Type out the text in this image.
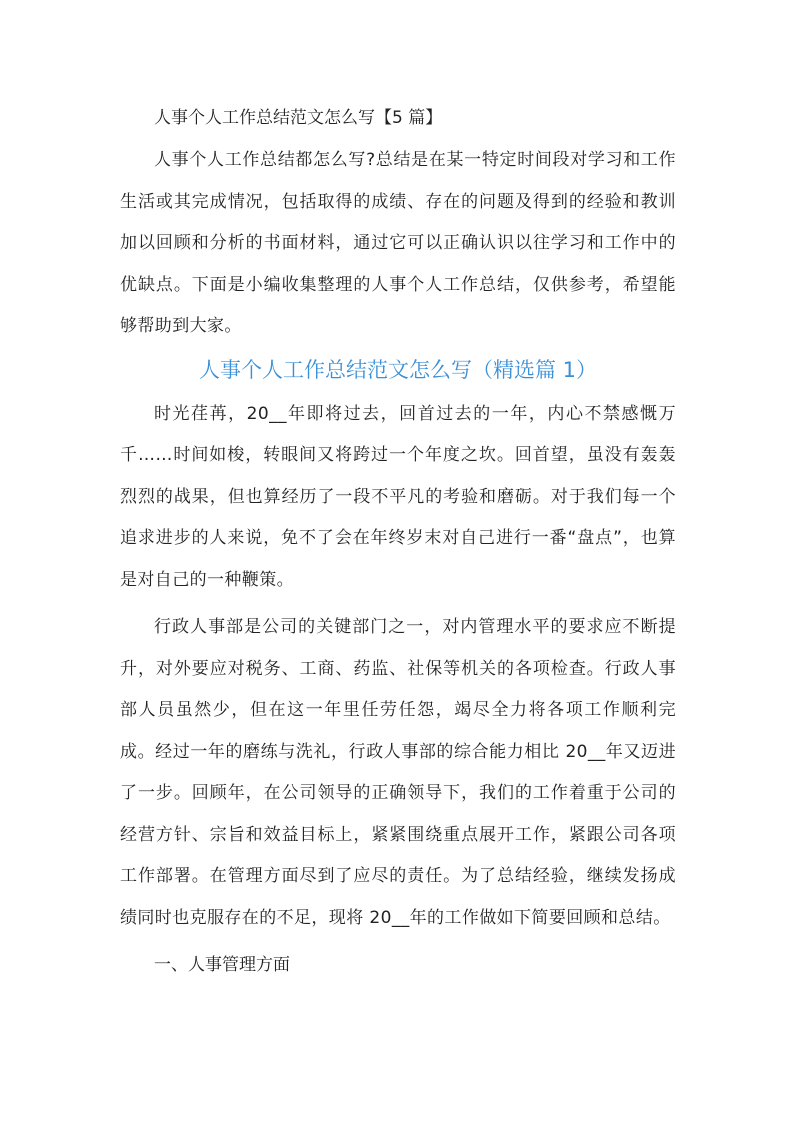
人事个人工作总结范文怎么写【5 篇】

人事个人工作总结都怎么写?总结是在某一特定时间段对学习和工作生活或其完成情况，包括取得的成绩、存在的问题及得到的经验和教训加以回顾和分析的书面材料，通过它可以正确认识以往学习和工作中的优缺点。下面是小编收集整理的人事个人工作总结，仅供参考，希望能够帮助到大家。

人事个人工作总结范文怎么写（精选篇 1）

时光荏苒，20__年即将过去，回首过去的一年，内心不禁感慨万千……时间如梭，转眼间又将跨过一个年度之坎。回首望，虽没有轰轰烈烈的战果，但也算经历了一段不平凡的考验和磨砺。对于我们每一个追求进步的人来说，免不了会在年终岁末对自己进行一番“盘点”，也算是对自己的一种鞭策。

行政人事部是公司的关键部门之一，对内管理水平的要求应不断提升，对外要应对税务、工商、药监、社保等机关的各项检查。行政人事部人员虽然少，但在这一年里任劳任怨，竭尽全力将各项工作顺利完成。经过一年的磨练与洗礼，行政人事部的综合能力相比 20__年又迈进了一步。回顾年，在公司领导的正确领导下，我们的工作着重于公司的经营方针、宗旨和效益目标上，紧紧围绕重点展开工作，紧跟公司各项工作部署。在管理方面尽到了应尽的责任。为了总结经验，继续发扬成绩同时也克服存在的不足，现将 20__年的工作做如下简要回顾和总结。

一、人事管理方面
